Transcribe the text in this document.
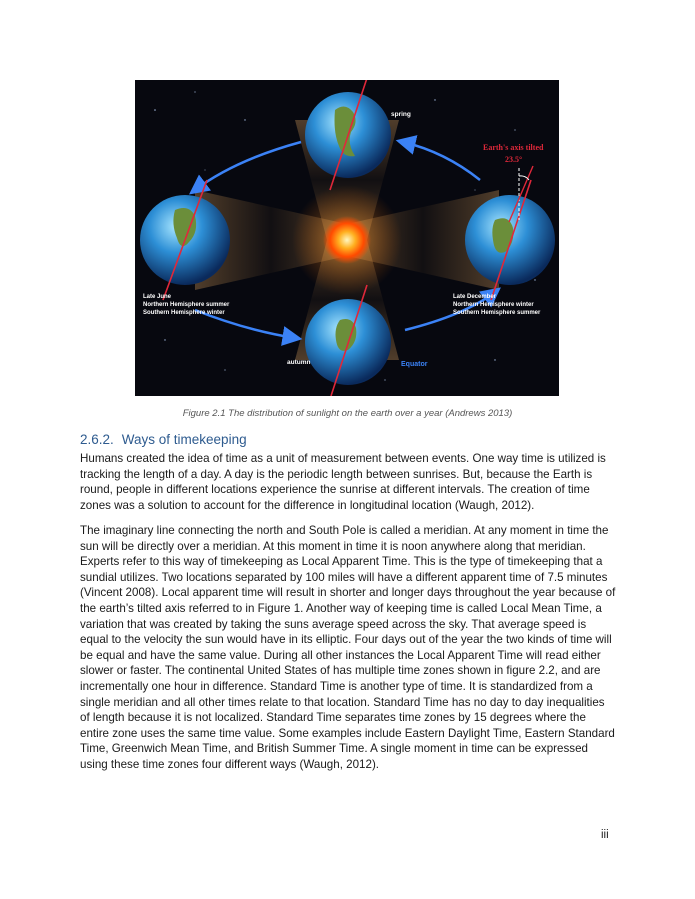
spring
autumn	Equator
Earth's axis tilted
23.5°
Late June
Northern Hemisphere summer
Southern Hemisphere winter
Late December
Northern Hemisphere winter
Southern Hemisphere summer
Figure 2.1 The distribution of sunlight on the earth over a year (Andrews 2013)
2.6.2. Ways of timekeeping

Humans created the idea of time as a unit of measurement between events. One way time is utilized is tracking the length of a day. A day is the periodic length between sunrises. But, because the Earth is round, people in different locations experience the sunrise at different intervals. The creation of time zones was a solution to account for the difference in longitudinal location (Waugh, 2012).

The imaginary line connecting the north and South Pole is called a meridian. At any moment in time the sun will be directly over a meridian. At this moment in time it is noon anywhere along that meridian. Experts refer to this way of timekeeping as Local Apparent Time. This is the type of timekeeping that a sundial utilizes. Two locations separated by 100 miles will have a different apparent time of 7.5 minutes (Vincent 2008). Local apparent time will result in shorter and longer days throughout the year because of the earth’s tilted axis referred to in Figure 1. Another way of keeping time is called Local Mean Time, a variation that was created by taking the suns average speed across the sky. That average speed is equal to the velocity the sun would have in its elliptic. Four days out of the year the two kinds of time will be equal and have the same value. During all other instances the Local Apparent Time will read either slower or faster. The continental United States of has multiple time zones shown in figure 2.2, and are incrementally one hour in difference. Standard Time is another type of time. It is standardized from a single meridian and all other times relate to that location. Standard Time has no day to day inequalities of length because it is not localized. Standard Time separates time zones by 15 degrees where the entire zone uses the same time value. Some examples include Eastern Daylight Time, Eastern Standard Time, Greenwich Mean Time, and British Summer Time. A single moment in time can be expressed using these time zones four different ways (Waugh, 2012).

iii
